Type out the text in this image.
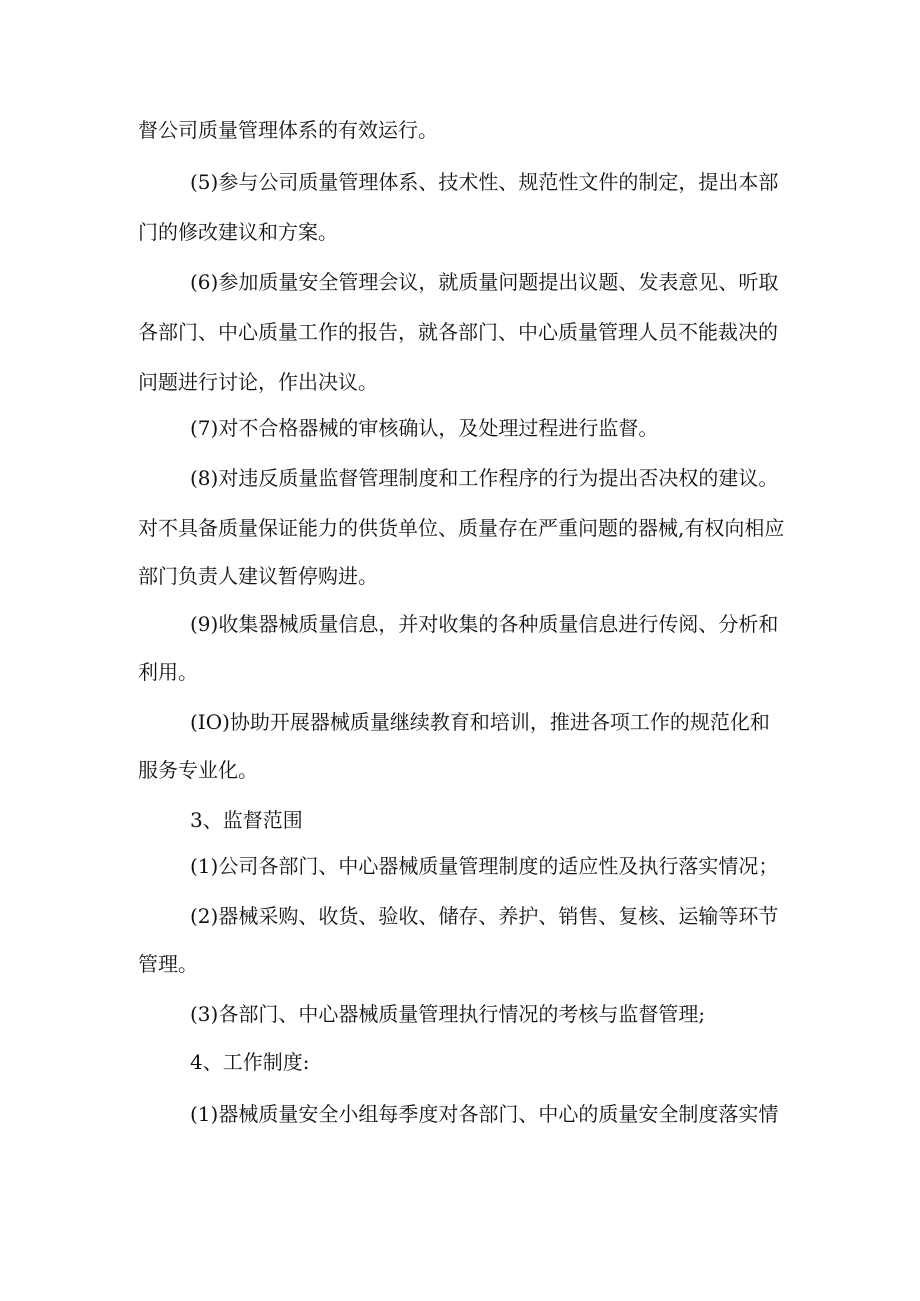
督公司质量管理体系的有效运行。
(5)参与公司质量管理体系、技术性、规范性文件的制定，提出本部
门的修改建议和方案。
(6)参加质量安全管理会议，就质量问题提出议题、发表意见、听取
各部门、中心质量工作的报告，就各部门、中心质量管理人员不能裁决的
问题进行讨论，作出决议。
(7)对不合格器械的审核确认，及处理过程进行监督。
(8)对违反质量监督管理制度和工作程序的行为提出否决权的建议。
对不具备质量保证能力的供货单位、质量存在严重问题的器械,有权向相应
部门负责人建议暂停购进。
(9)收集器械质量信息，并对收集的各种质量信息进行传阅、分析和
利用。
(IO)协助开展器械质量继续教育和培训，推进各项工作的规范化和
服务专业化。
3、监督范围
(1)公司各部门、中心器械质量管理制度的适应性及执行落实情况；
(2)器械采购、收货、验收、储存、养护、销售、复核、运输等环节
管理。
(3)各部门、中心器械质量管理执行情况的考核与监督管理;
4、工作制度:
(1)器械质量安全小组每季度对各部门、中心的质量安全制度落实情
